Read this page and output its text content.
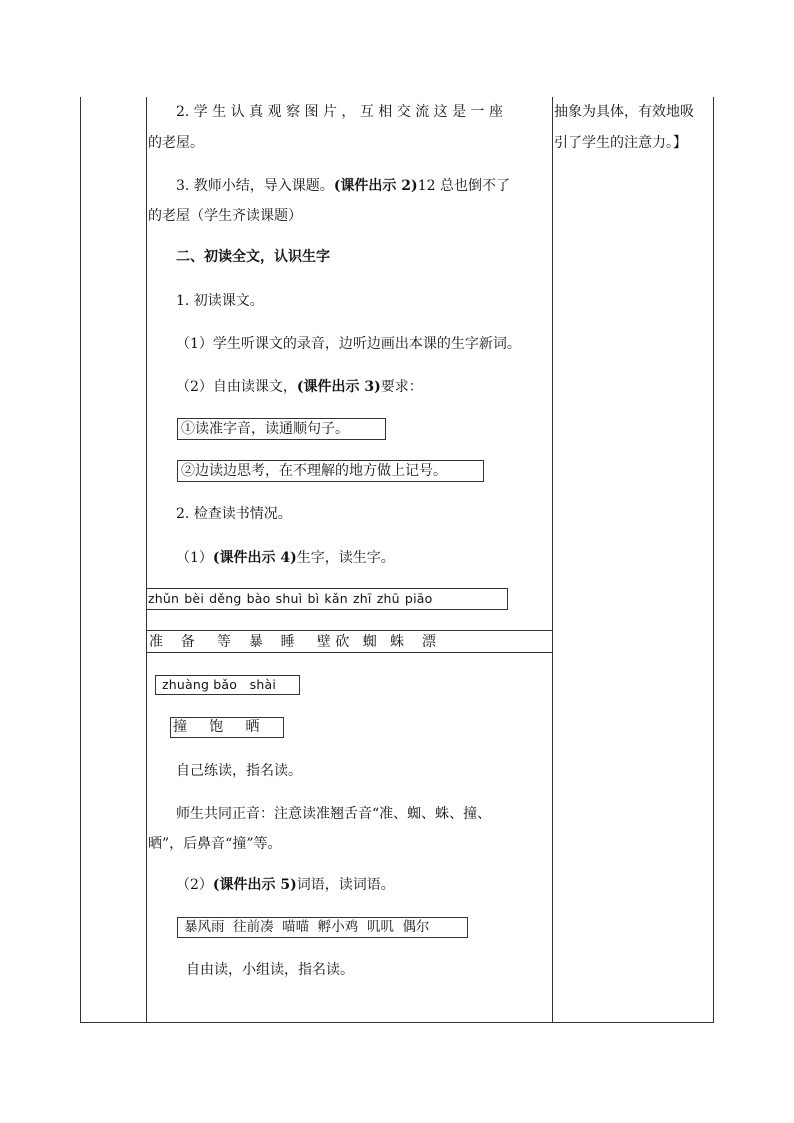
2. 学 生 认 真 观 察 图 片 ， 互 相 交 流 这 是 一 座
的老屋。
3. 教师小结，导入课题。(课件出示 2)12 总也倒不了
的老屋（学生齐读课题）
二、初读全文，认识生字
1. 初读课文。
（1）学生听课文的录音，边听边画出本课的生字新词。
（2）自由读课文，(课件出示 3)要求：
①读准字音，读通顺句子。
②边读边思考，在不理解的地方做上记号。
2. 检查读书情况。
（1）(课件出示 4)生字，读生字。
zhǔn bèi děng bào shuì bì kǎn zhī zhū piāo
准    备     等    暴    睡     壁 砍   蜘   蛛    漂
zhuàng bǎo   shài
撞     饱     晒
自己练读，指名读。
师生共同正音：注意读准翘舌音“准、蜘、蛛、撞、
晒”，后鼻音“撞”等。
（2）(课件出示 5)词语，读词语。
暴风雨  往前凑  喵喵  孵小鸡  叽叽  偶尔
自由读，小组读，指名读。
抽象为具体，有效地吸
引了学生的注意力。】
